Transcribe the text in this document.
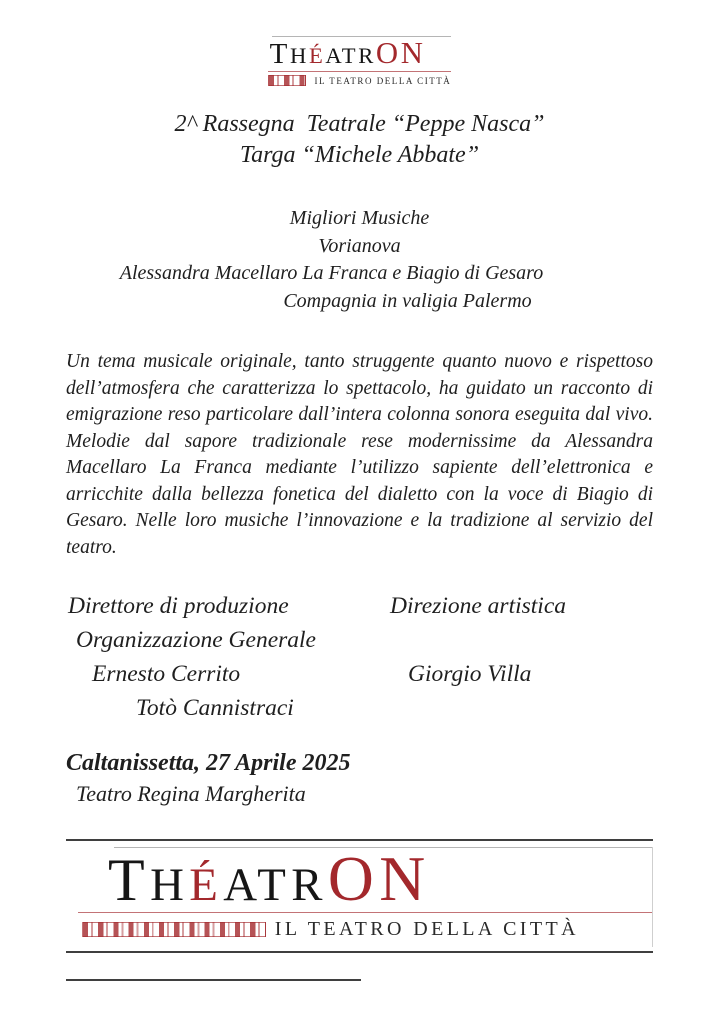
THÉATRON
IL TEATRO DELLA CITTÀ
2^ Rassegna  Teatrale “Peppe Nasca”
Targa “Michele Abbate”
Migliori Musiche
Vorianova
Alessandra Macellaro La Franca e Biagio di Gesaro
Compagnia in valigia Palermo

Un tema musicale originale, tanto struggente quanto nuovo e rispettoso dell’atmosfera che caratterizza lo spettacolo, ha guidato un racconto di emigrazione reso particolare dall’intera colonna sonora eseguita dal vivo. Melodie dal sapore tradizionale rese modernissime da Alessandra Macellaro La Franca mediante l’utilizzo sapiente dell’elettronica e arricchite dalla bellezza fonetica del dialetto con la voce di Biagio di Gesaro. Nelle loro musiche l’innovazione e la tradizione al servizio del teatro.

Direttore di produzione	Direzione artistica
Organizzazione Generale
Ernesto Cerrito	Giorgio Villa
Totò Cannistraci
Caltanissetta, 27 Aprile 2025
Teatro Regina Margherita
THÉATRON
IL TEATRO DELLA CITTÀ
